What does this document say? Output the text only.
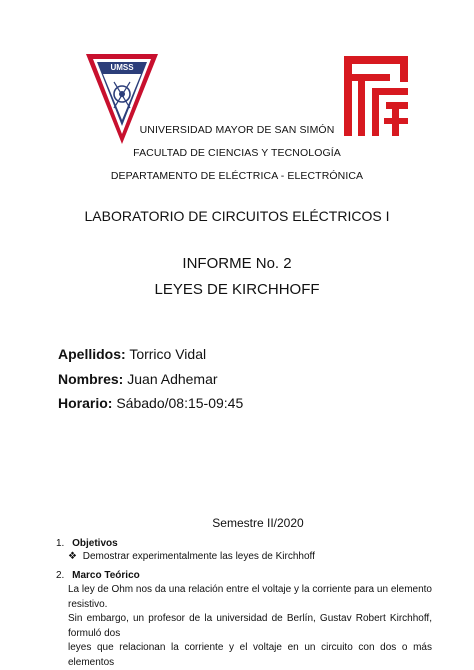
UMSS
UNIVERSIDAD MAYOR DE SAN SIMÓN
FACULTAD DE CIENCIAS Y TECNOLOGÍA
DEPARTAMENTO DE ELÉCTRICA - ELECTRÓNICA
LABORATORIO DE CIRCUITOS ELÉCTRICOS I
INFORME No. 2
LEYES DE KIRCHHOFF
Apellidos: Torrico Vidal
Nombres: Juan Adhemar
Horario: Sábado/08:15-09:45
Semestre II/2020
1. Objetivos
❖ Demostrar experimentalmente las leyes de Kirchhoff
2. Marco Teórico
La ley de Ohm nos da una relación entre el voltaje y la corriente para un elemento resistivo.
Sin embargo, un profesor de la universidad de Berlín, Gustav Robert Kirchhoff, formuló dos
leyes que relacionan la corriente y el voltaje en un circuito con dos o más elementos
